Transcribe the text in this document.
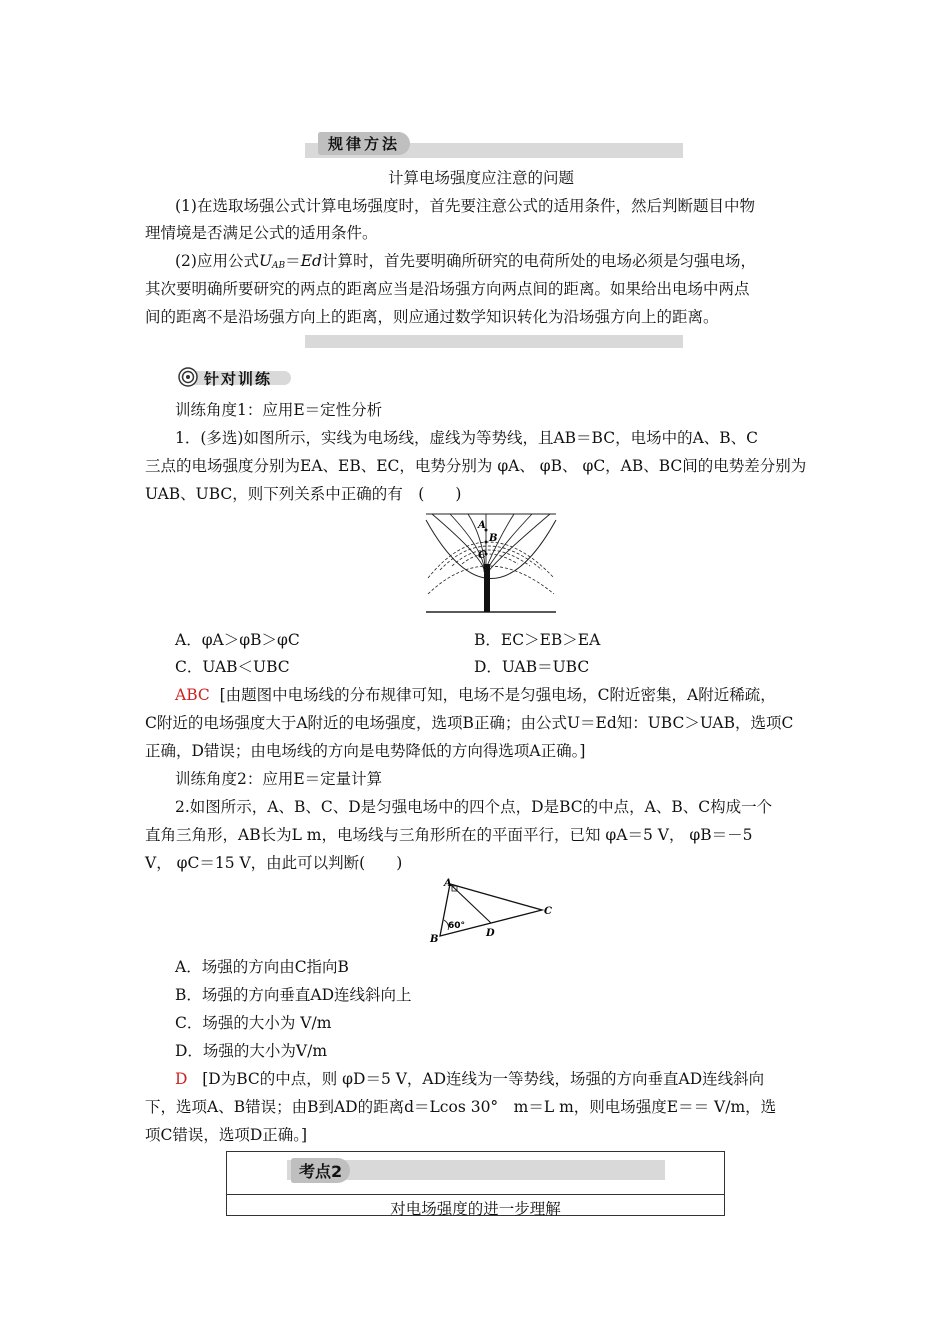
规律方法
计算电场强度应注意的问题
(1)在选取场强公式计算电场强度时，首先要注意公式的适用条件，然后判断题目中物
理情境是否满足公式的适用条件。
(2)应用公式$U_{AB}=Ed$计算时，首先要明确所研究的电荷所处的电场必须是匀强电场，
其次要明确所要研究的两点的距离应当是沿场强方向两点间的距离。如果给出电场中两点
间的距离不是沿场强方向上的距离，则应通过数学知识转化为沿场强方向上的距离。
针对训练
训练角度1：应用E＝定性分析
1．(多选)如图所示，实线为电场线，虚线为等势线，且AB＝BC，电场中的A、B、C
三点的电场强度分别为EA、EB、EC，电势分别为 φA、 φB、 φC，AB、BC间的电势差分别为
UAB、UBC，则下列关系中正确的有　(　　)
A
B
C
A．φA＞φB＞φC	B．EC＞EB＞EA
C．UAB＜UBC	D．UAB＝UBC
ABC [由题图中电场线的分布规律可知，电场不是匀强电场，C附近密集，A附近稀疏，
C附近的电场强度大于A附近的电场强度，选项B正确；由公式U＝Ed知：UBC＞UAB，选项C
正确，D错误；由电场线的方向是电势降低的方向得选项A正确。]
训练角度2：应用E＝定量计算
2.如图所示，A、B、C、D是匀强电场中的四个点，D是BC的中点，A、B、C构成一个
直角三角形，AB长为L m，电场线与三角形所在的平面平行，已知 φA＝5 V， φB＝－5
V， φC＝15 V，由此可以判断(　　)
A
B
C
D
60°
A．场强的方向由C指向B
B．场强的方向垂直AD连线斜向上
C．场强的大小为 V/m
D．场强的大小为V/m
D [D为BC的中点，则 φD＝5 V，AD连线为一等势线，场强的方向垂直AD连线斜向
下，选项A、B错误；由B到AD的距离d＝Lcos 30°　m＝L m，则电场强度E＝＝ V/m，选
项C错误，选项D正确。]
考点2
对电场强度的进一步理解
